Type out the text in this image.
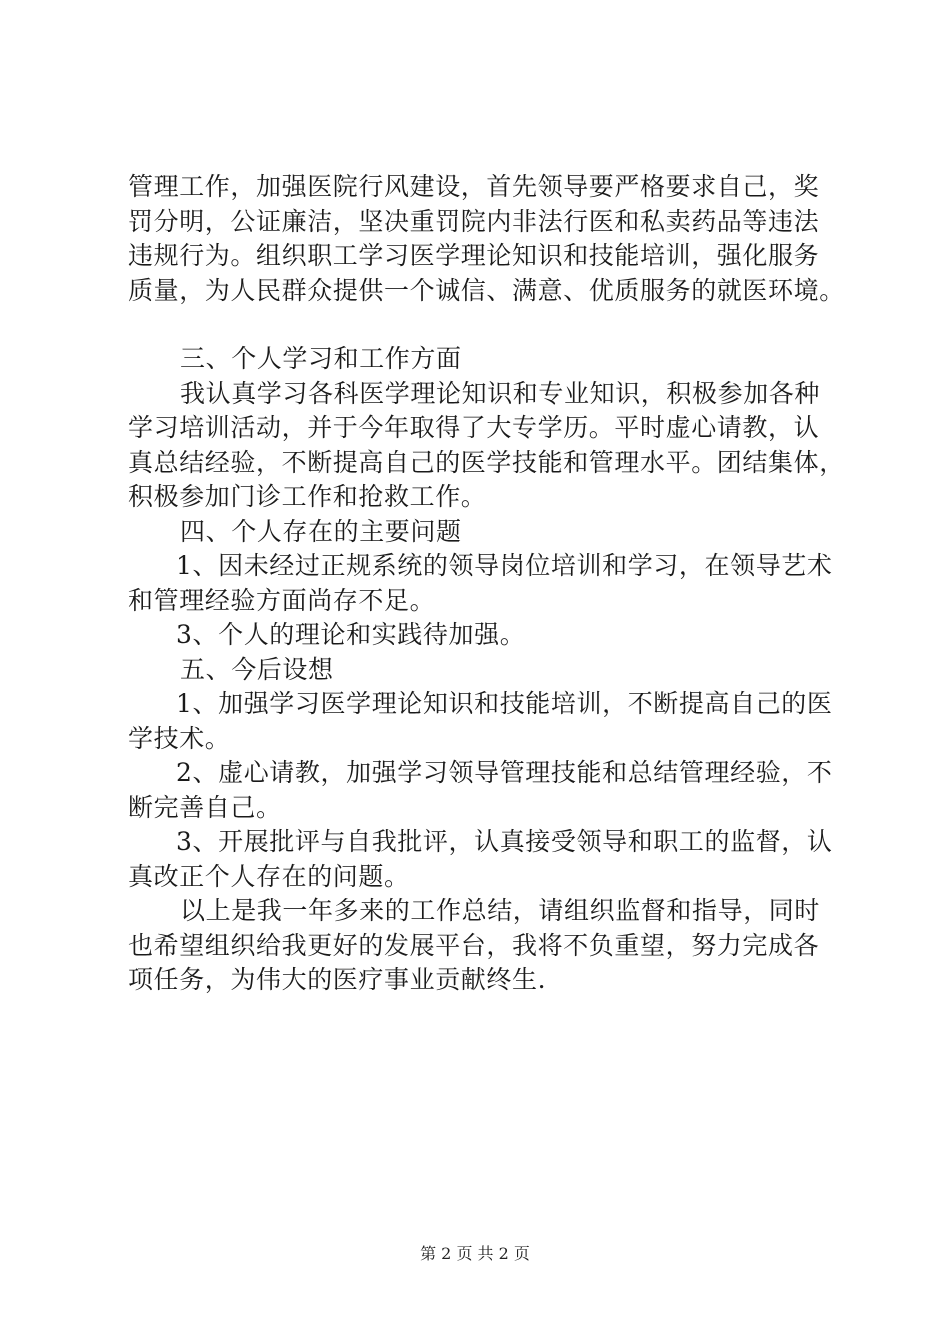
管理工作，加强医院行风建设，首先领导要严格要求自己，奖
罚分明，公证廉洁，坚决重罚院内非法行医和私卖药品等违法
违规行为。组织职工学习医学理论知识和技能培训，强化服务
质量，为人民群众提供一个诚信、满意、优质服务的就医环境。
三、个人学习和工作方面
我认真学习各科医学理论知识和专业知识，积极参加各种
学习培训活动，并于今年取得了大专学历。平时虚心请教，认
真总结经验，不断提高自己的医学技能和管理水平。团结集体，
积极参加门诊工作和抢救工作。
四、个人存在的主要问题
1、因未经过正规系统的领导岗位培训和学习，在领导艺术
和管理经验方面尚存不足。
3、个人的理论和实践待加强。
五、今后设想
1、加强学习医学理论知识和技能培训，不断提高自己的医
学技术。
2、虚心请教，加强学习领导管理技能和总结管理经验，不
断完善自己。
3、开展批评与自我批评，认真接受领导和职工的监督，认
真改正个人存在的问题。
以上是我一年多来的工作总结，请组织监督和指导，同时
也希望组织给我更好的发展平台，我将不负重望，努力完成各
项任务，为伟大的医疗事业贡献终生.
第 2 页 共 2 页
